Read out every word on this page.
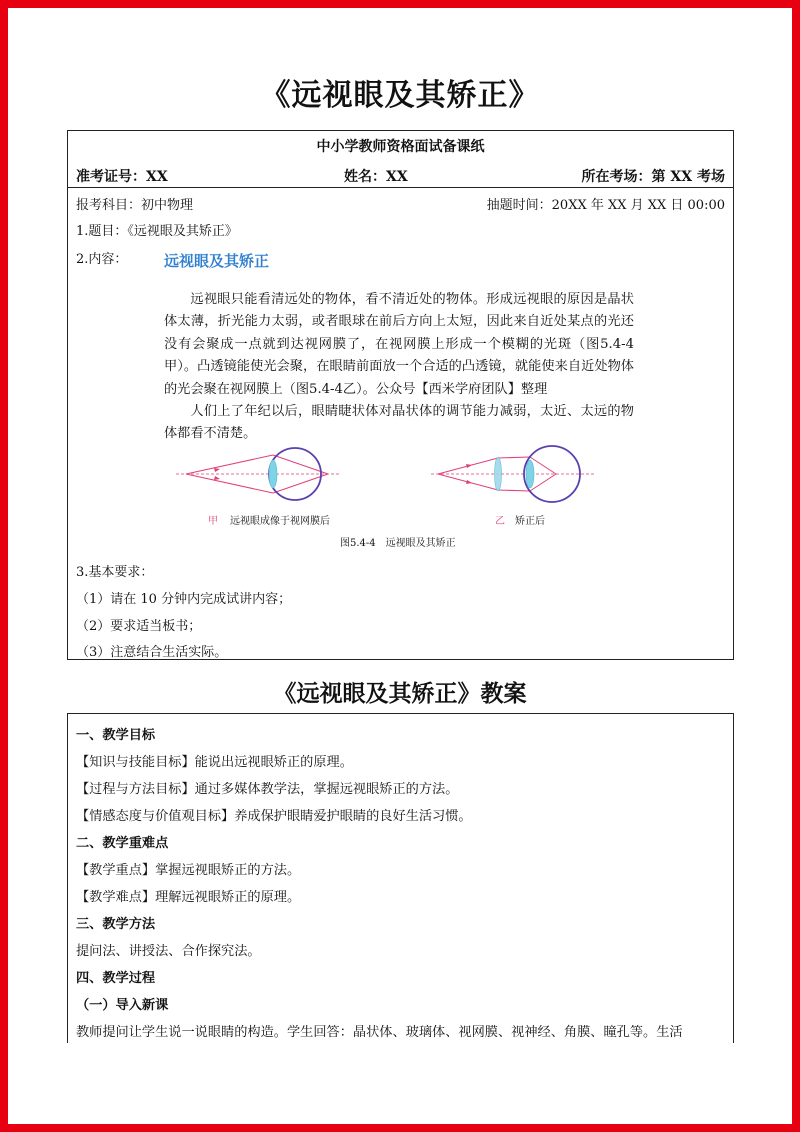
《远视眼及其矫正》
中小学教师资格面试备课纸
准考证号：XX	姓名：XX	所在考场：第 XX 考场
报考科目：初中物理	抽题时间：20XX 年 XX 月 XX 日 00:00
1.题目：《远视眼及其矫正》
2.内容： 远视眼及其矫正
远视眼只能看清远处的物体，看不清近处的物体。形成远视眼的原因是晶状体太薄，折光能力太弱，或者眼球在前后方向上太短，因此来自近处某点的光还没有会聚成一点就到达视网膜了，在视网膜上形成一个模糊的光斑（图5.4-4甲）。凸透镜能使光会聚，在眼睛前面放一个合适的凸透镜，就能使来自近处物体的光会聚在视网膜上（图5.4-4乙）。公众号【西米学府团队】整理
人们上了年纪以后，眼睛睫状体对晶状体的调节能力减弱，太近、太远的物体都看不清楚。
甲 远视眼成像于视网膜后	乙 矫正后
图5.4-4　远视眼及其矫正
3.基本要求：
（1）请在 10 分钟内完成试讲内容；
（2）要求适当板书；
（3）注意结合生活实际。
《远视眼及其矫正》教案
一、教学目标
【知识与技能目标】能说出远视眼矫正的原理。
【过程与方法目标】通过多媒体教学法，掌握远视眼矫正的方法。
【情感态度与价值观目标】养成保护眼睛爱护眼睛的良好生活习惯。
二、教学重难点
【教学重点】掌握远视眼矫正的方法。
【教学难点】理解远视眼矫正的原理。
三、教学方法
提问法、讲授法、合作探究法。
四、教学过程
（一）导入新课
教师提问让学生说一说眼睛的构造。学生回答：晶状体、玻璃体、视网膜、视神经、角膜、瞳孔等。生活
